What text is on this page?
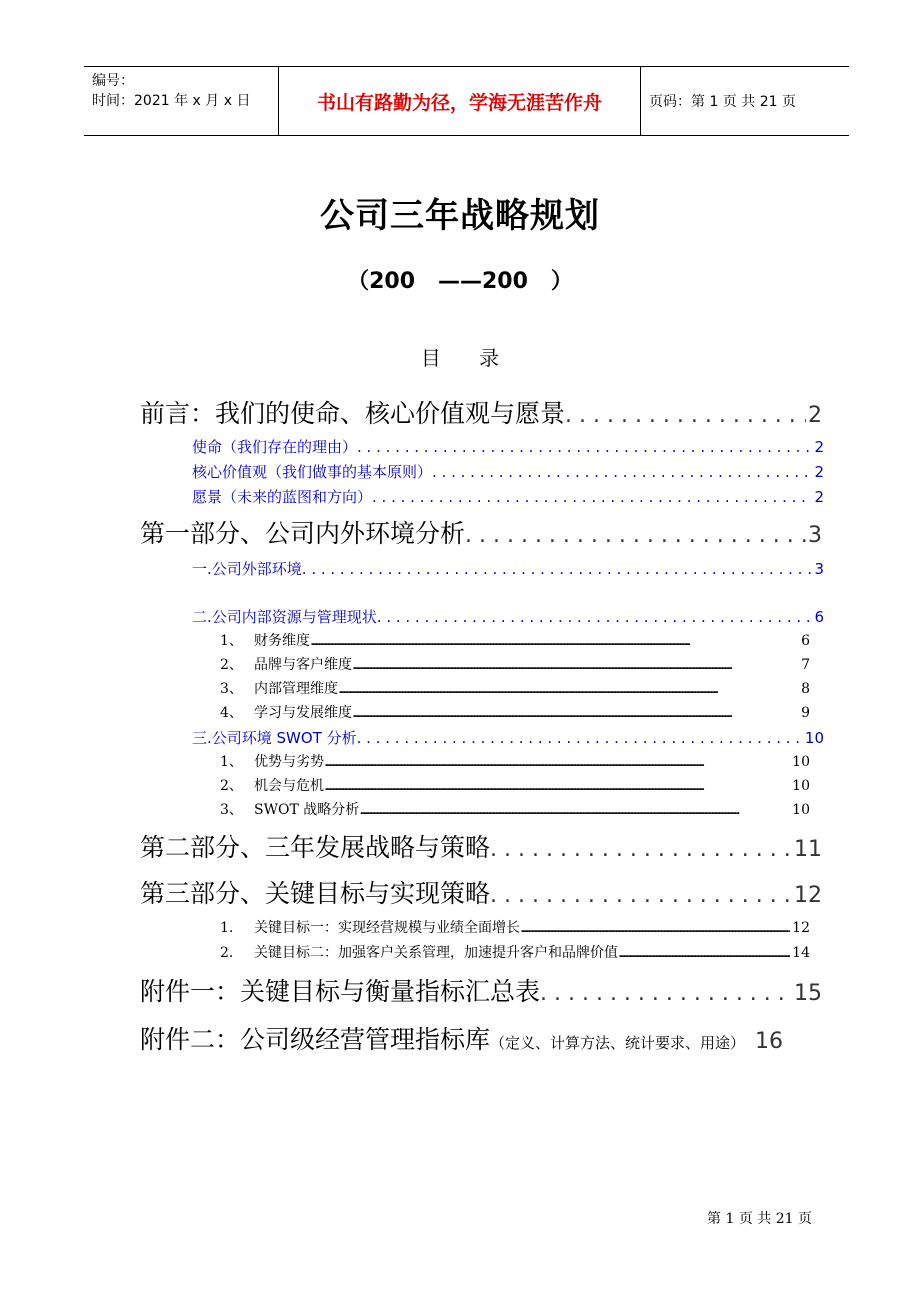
编号：
时间：2021 年 x 月 x 日	书山有路勤为径，学海无涯苦作舟	页码：第 1 页 共 21 页
公司三年战略规划
（200   ——200   ）
目      录
前言：我们的使命、核心价值观与愿景 . . .	2
使命（我们存在的理由） . . .	2
核心价值观（我们做事的基本原则） . . .	2
愿景（未来的蓝图和方向） . . .	2
第一部分、公司内外环境分析 . . .	3
一.公司外部环境 . . .	3
二.公司内部资源与管理现状 . . .	6
1、 财务维度 .....	6
2、 品牌与客户维度 .....	7
3、 内部管理维度 .....	8
4、 学习与发展维度 .....	9
三.公司环境 SWOT 分析 . . .	10
1、 优势与劣势 .....	10
2、 机会与危机 .....	10
3、 SWOT 战略分析 .....	10
第二部分、三年发展战略与策略 . . .	11
第三部分、关键目标与实现策略 . . .	12
1.	关键目标一：实现经营规模与业绩全面增长 .....	12
2.	关键目标二：加强客户关系管理，加速提升客户和品牌价值 .....	14
附件一：关键目标与衡量指标汇总表 . . .	15
附件二：公司级经营管理指标库 （定义、计算方法、统计要求、用途） 16
第 1 页 共 21 页
